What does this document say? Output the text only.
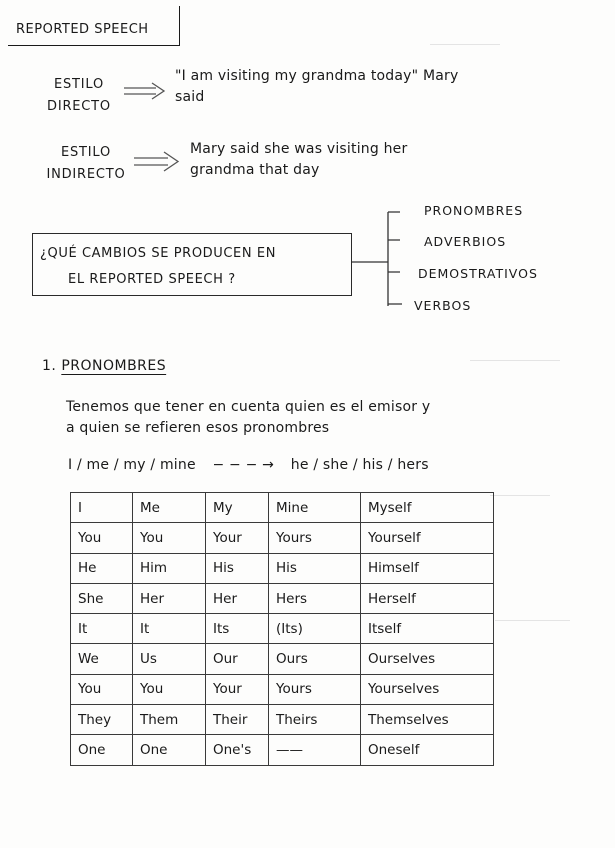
REPORTED SPEECH
ESTILO
DIRECTO
"I am visiting my grandma today" Mary
said
ESTILO
INDIRECTO
Mary said she was visiting her
grandma that day
¿QUÉ CAMBIOS SE PRODUCEN EN
EL REPORTED SPEECH ?
PRONOMBRES
ADVERBIOS
DEMOSTRATIVOS
VERBOS
1. PRONOMBRES
Tenemos que tener en cuenta quien es el emisor y
a quien se refieren esos pronombres
I / me / my / mine − − − → he / she / his / hers
I	Me	My	Mine	Myself
You	You	Your	Yours	Yourself
He	Him	His	His	Himself
She	Her	Her	Hers	Herself
It	It	Its	(Its)	Itself
We	Us	Our	Ours	Ourselves
You	You	Your	Yours	Yourselves
They	Them	Their	Theirs	Themselves
One	One	One's	——	Oneself
